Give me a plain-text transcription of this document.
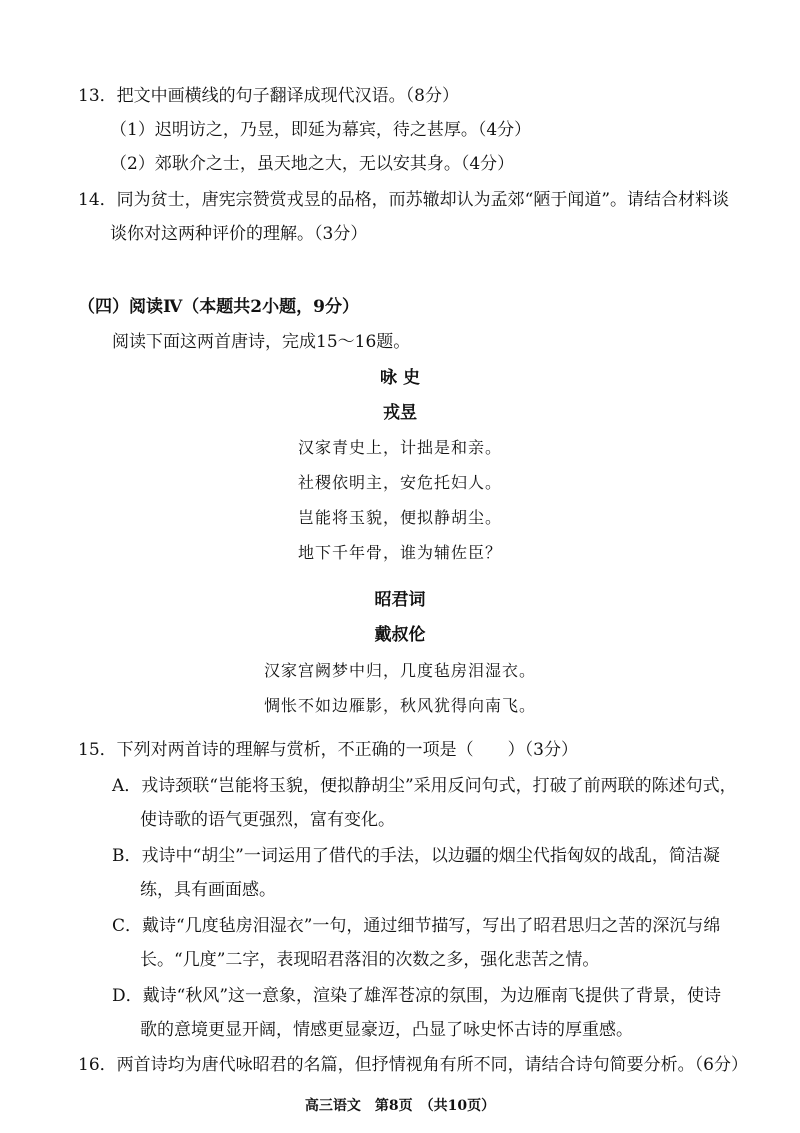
13．把文中画横线的句子翻译成现代汉语。（8分）
（1）迟明访之，乃昱，即延为幕宾，待之甚厚。（4分）
（2）郊耿介之士，虽天地之大，无以安其身。（4分）
14．同为贫士，唐宪宗赞赏戎昱的品格，而苏辙却认为孟郊“陋于闻道”。请结合材料谈
谈你对这两种评价的理解。（3分）
（四）阅读Ⅳ（本题共2小题，9分）
阅读下面这两首唐诗，完成15～16题。
咏 史
戎昱
汉家青史上，计拙是和亲。
社稷依明主，安危托妇人。
岂能将玉貌，便拟静胡尘。
地下千年骨，谁为辅佐臣？
昭君词
戴叔伦
汉家宫阙梦中归，几度毡房泪湿衣。
惆怅不如边雁影，秋风犹得向南飞。
15．下列对两首诗的理解与赏析，不正确的一项是（　　）（3分）
A．戎诗颈联“岂能将玉貌，便拟静胡尘”采用反问句式，打破了前两联的陈述句式，
使诗歌的语气更强烈，富有变化。
B．戎诗中“胡尘”一词运用了借代的手法，以边疆的烟尘代指匈奴的战乱，简洁凝
练，具有画面感。
C．戴诗“几度毡房泪湿衣”一句，通过细节描写，写出了昭君思归之苦的深沉与绵
长。“几度”二字，表现昭君落泪的次数之多，强化悲苦之情。
D．戴诗“秋风”这一意象，渲染了雄浑苍凉的氛围，为边雁南飞提供了背景，使诗
歌的意境更显开阔，情感更显豪迈，凸显了咏史怀古诗的厚重感。
16．两首诗均为唐代咏昭君的名篇，但抒情视角有所不同，请结合诗句简要分析。（6分）
高三语文　第8页　（共10页）
